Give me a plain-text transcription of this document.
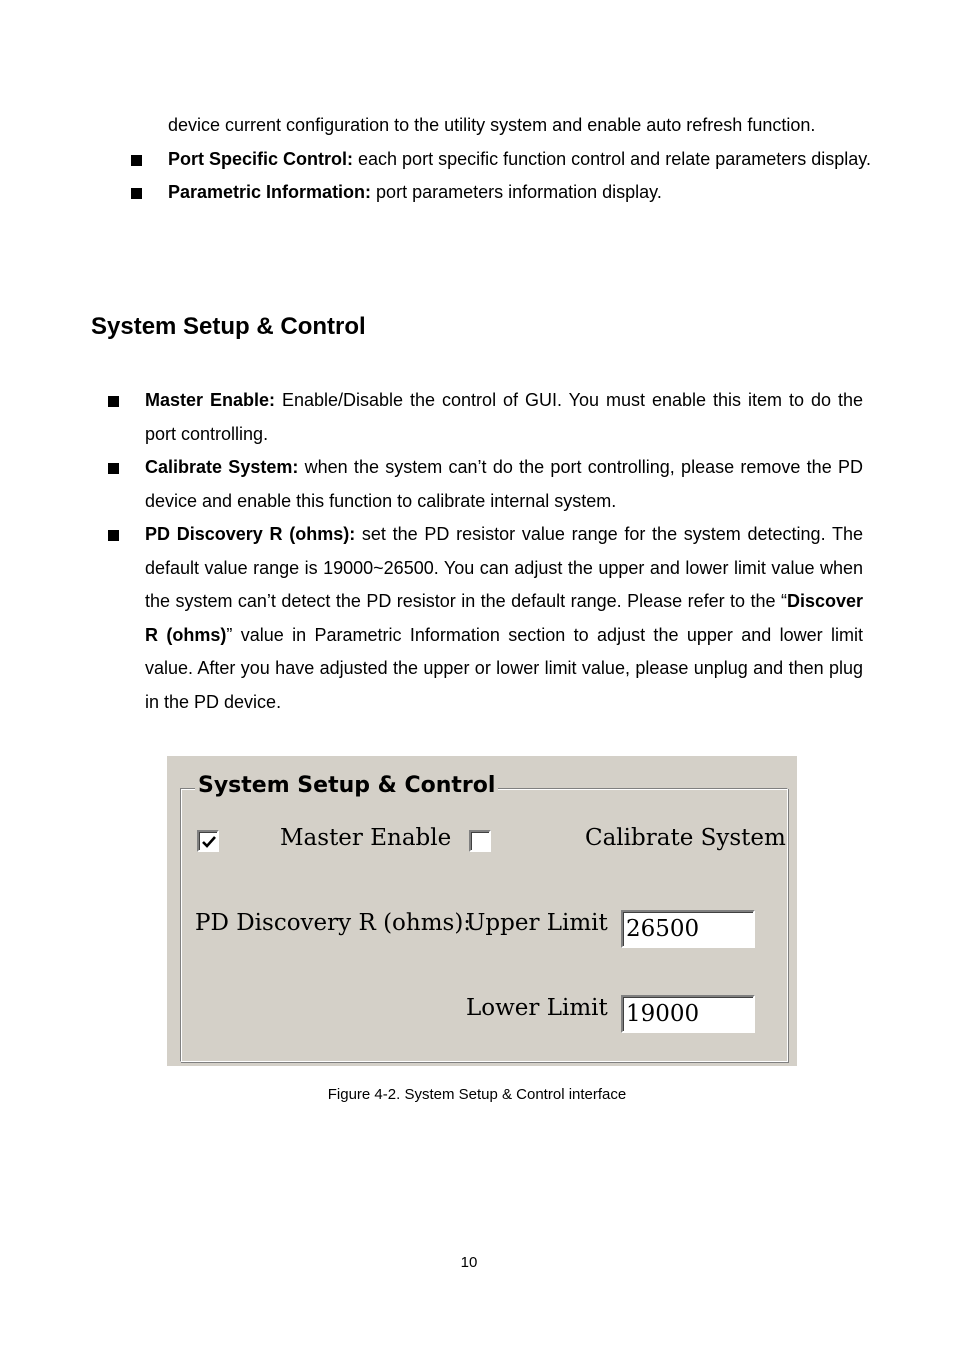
device current configuration to the utility system and enable auto refresh function.
Port Specific Control: each port specific function control and relate parameters display.
Parametric Information: port parameters information display.
System Setup & Control
Master Enable: Enable/Disable the control of GUI. You must enable this item to do the port controlling.
Calibrate System: when the system can’t do the port controlling, please remove the PD device and enable this function to calibrate internal system.
PD Discovery R (ohms): set the PD resistor value range for the system detecting. The default value range is 19000~26500. You can adjust the upper and lower limit value when the system can’t detect the PD resistor in the default range. Please refer to the “Discover R (ohms)” value in Parametric Information section to adjust the upper and lower limit value. After you have adjusted the upper or lower limit value, please unplug and then plug in the PD device.
System Setup & Control
Master Enable	Calibrate System
PD Discovery R (ohms):
Upper Limit 26500
Lower Limit 19000
Figure 4-2. System Setup & Control interface
10
